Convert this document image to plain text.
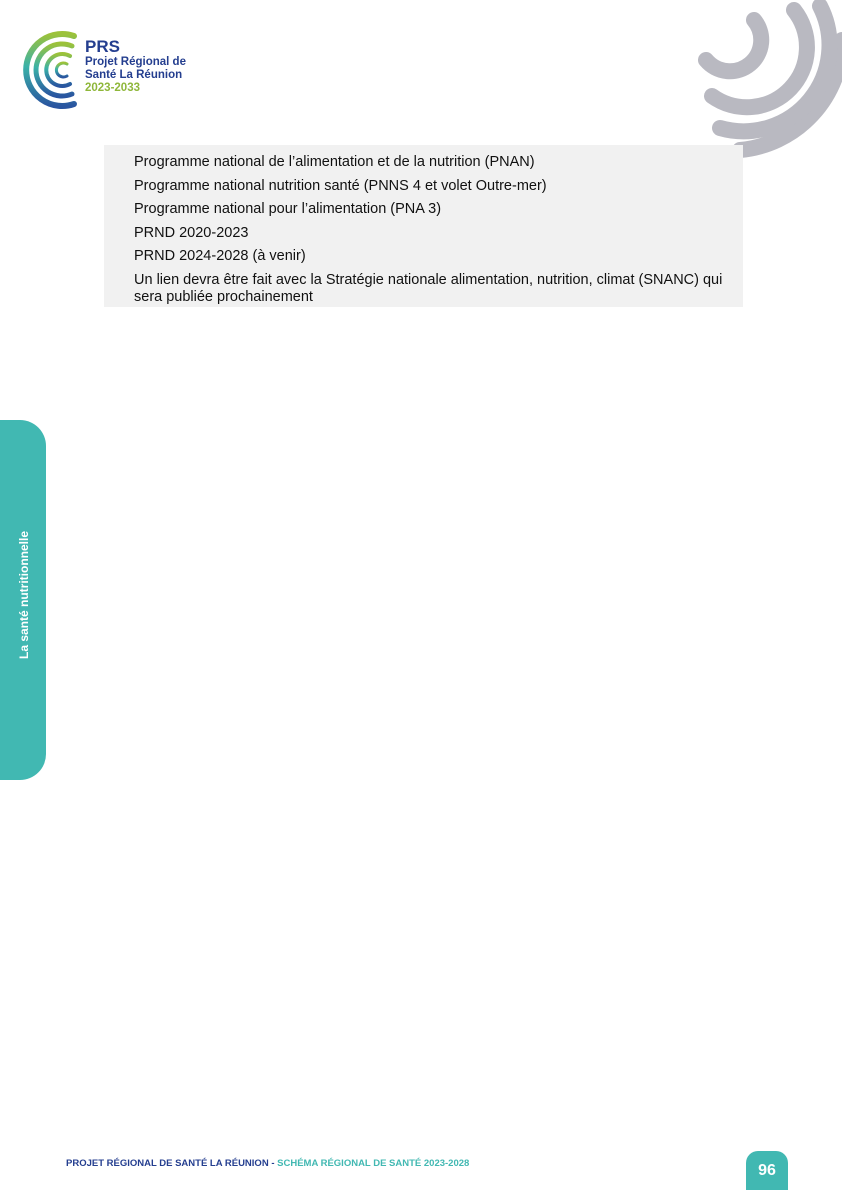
PRS
Projet Régional de
Santé La Réunion
2023-2033
Programme national de l’alimentation et de la nutrition (PNAN)
Programme national nutrition santé (PNNS 4 et volet Outre-mer)
Programme national pour l’alimentation (PNA 3)
PRND 2020-2023
PRND 2024-2028 (à venir)
Un lien devra être fait avec la Stratégie nationale alimentation, nutrition, climat (SNANC) qui sera publiée prochainement
La santé nutritionnelle
PROJET RÉGIONAL DE SANTÉ LA RÉUNION - SCHÉMA RÉGIONAL DE SANTÉ 2023-2028	96
